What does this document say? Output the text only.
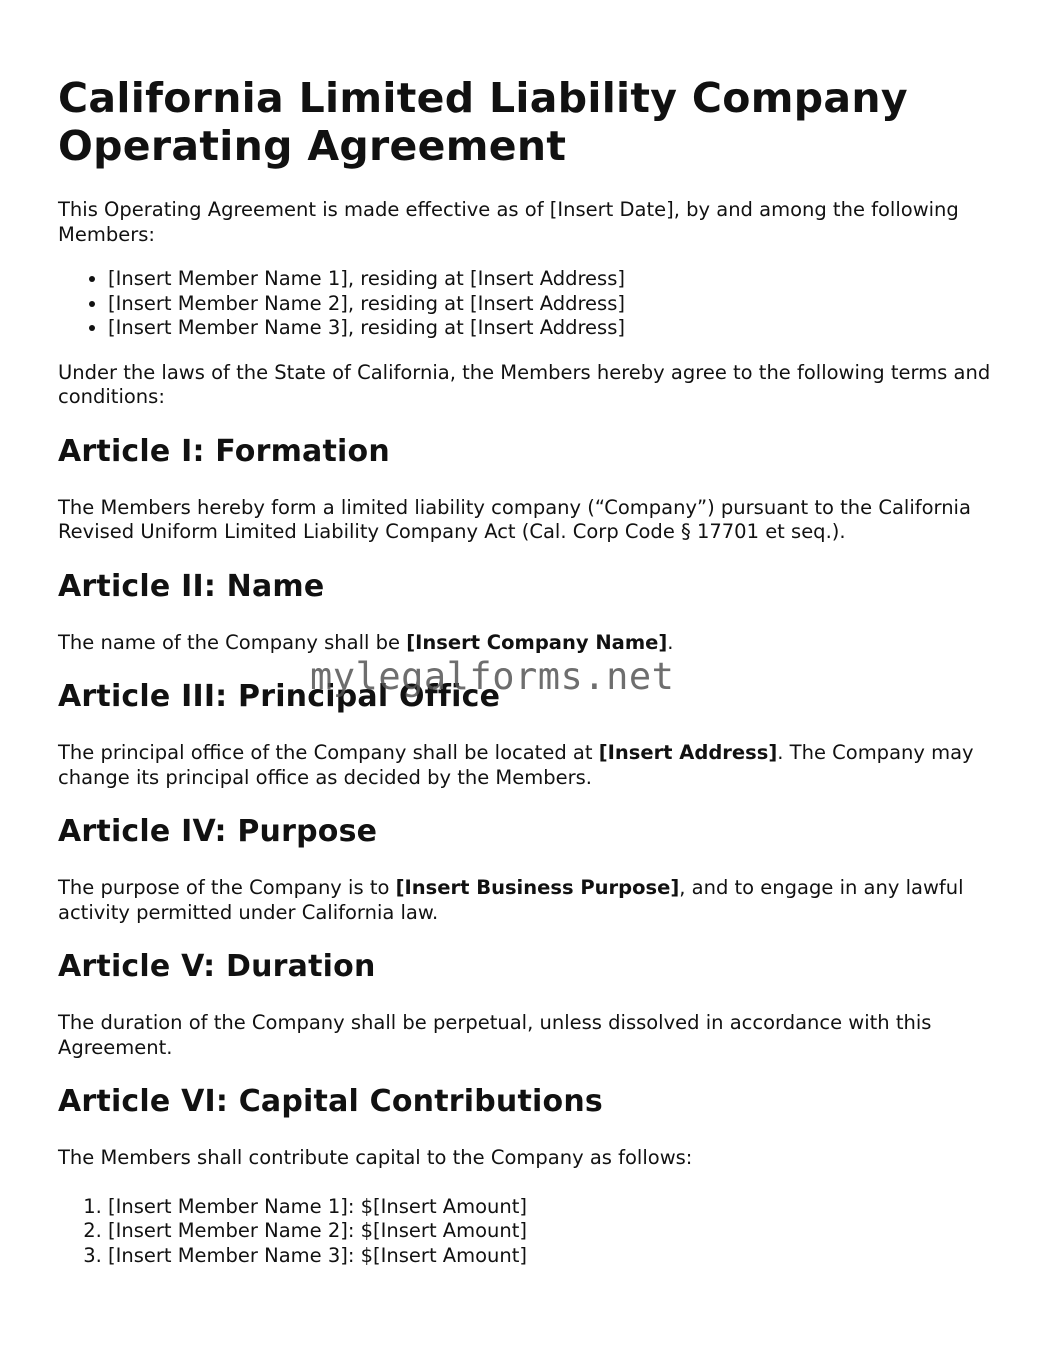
California Limited Liability Company
Operating Agreement

This Operating Agreement is made effective as of [Insert Date], by and among the following Members:

• [Insert Member Name 1], residing at [Insert Address]
• [Insert Member Name 2], residing at [Insert Address]
• [Insert Member Name 3], residing at [Insert Address]

Under the laws of the State of California, the Members hereby agree to the following terms and conditions:

Article I: Formation

The Members hereby form a limited liability company (“Company”) pursuant to the California Revised Uniform Limited Liability Company Act (Cal. Corp Code § 17701 et seq.).

Article II: Name

The name of the Company shall be [Insert Company Name].

Article III: Principal Office

The principal office of the Company shall be located at [Insert Address]. The Company may change its principal office as decided by the Members.

Article IV: Purpose

The purpose of the Company is to [Insert Business Purpose], and to engage in any lawful activity permitted under California law.

Article V: Duration

The duration of the Company shall be perpetual, unless dissolved in accordance with this Agreement.

Article VI: Capital Contributions

The Members shall contribute capital to the Company as follows:

1. [Insert Member Name 1]: $[Insert Amount]
2. [Insert Member Name 2]: $[Insert Amount]
3. [Insert Member Name 3]: $[Insert Amount]
mylegalforms.net
